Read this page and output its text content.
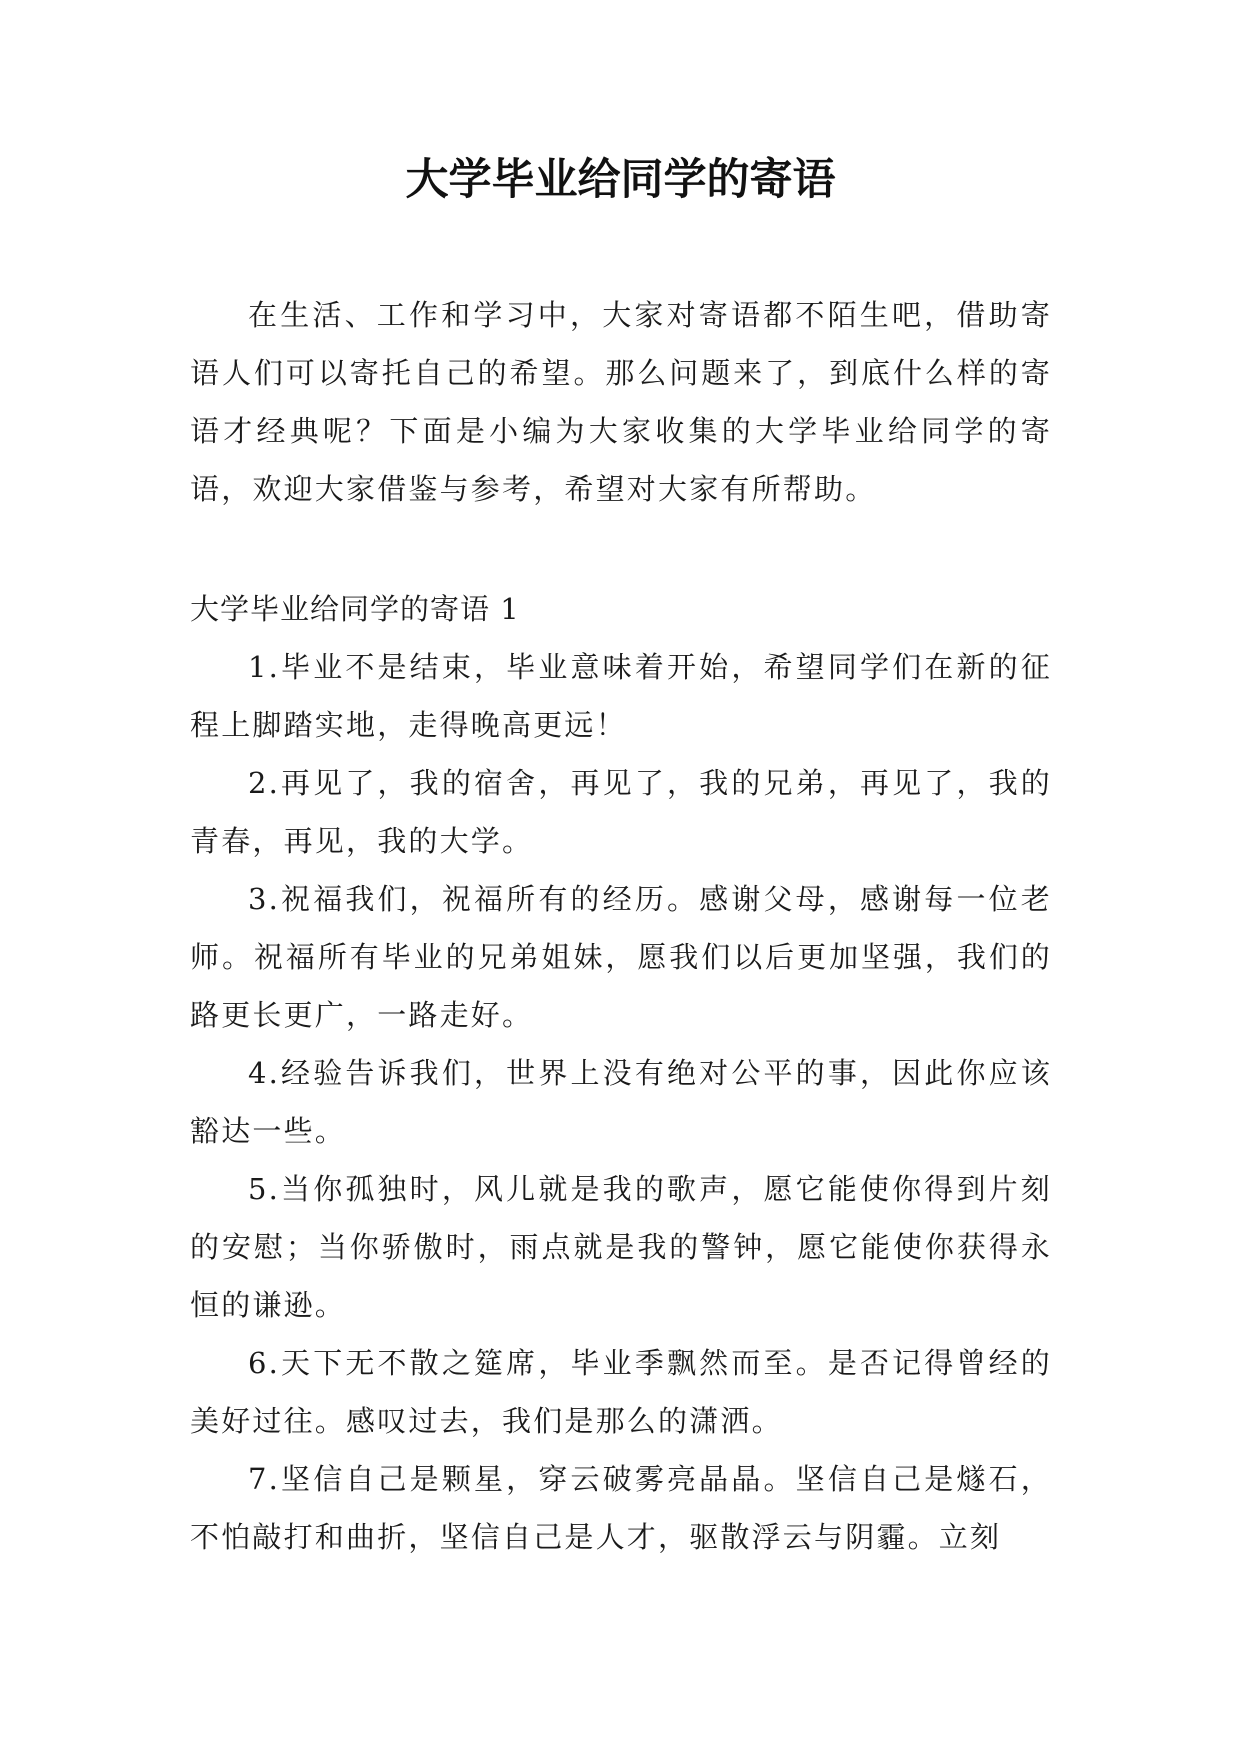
大学毕业给同学的寄语

在生活、工作和学习中，大家对寄语都不陌生吧，借助寄语人们可以寄托自己的希望。那么问题来了，到底什么样的寄语才经典呢？下面是小编为大家收集的大学毕业给同学的寄语，欢迎大家借鉴与参考，希望对大家有所帮助。

大学毕业给同学的寄语 1

1.毕业不是结束，毕业意味着开始，希望同学们在新的征程上脚踏实地，走得晚高更远！

2.再见了，我的宿舍，再见了，我的兄弟，再见了，我的青春，再见，我的大学。

3.祝福我们，祝福所有的经历。感谢父母，感谢每一位老师。祝福所有毕业的兄弟姐妹，愿我们以后更加坚强，我们的路更长更广，一路走好。

4.经验告诉我们，世界上没有绝对公平的事，因此你应该豁达一些。

5.当你孤独时，风儿就是我的歌声，愿它能使你得到片刻的安慰；当你骄傲时，雨点就是我的警钟，愿它能使你获得永恒的谦逊。

6.天下无不散之筵席，毕业季飘然而至。是否记得曾经的美好过往。感叹过去，我们是那么的潇洒。

7.坚信自己是颗星，穿云破雾亮晶晶。坚信自己是燧石，不怕敲打和曲折，坚信自己是人才，驱散浮云与阴霾。立刻
